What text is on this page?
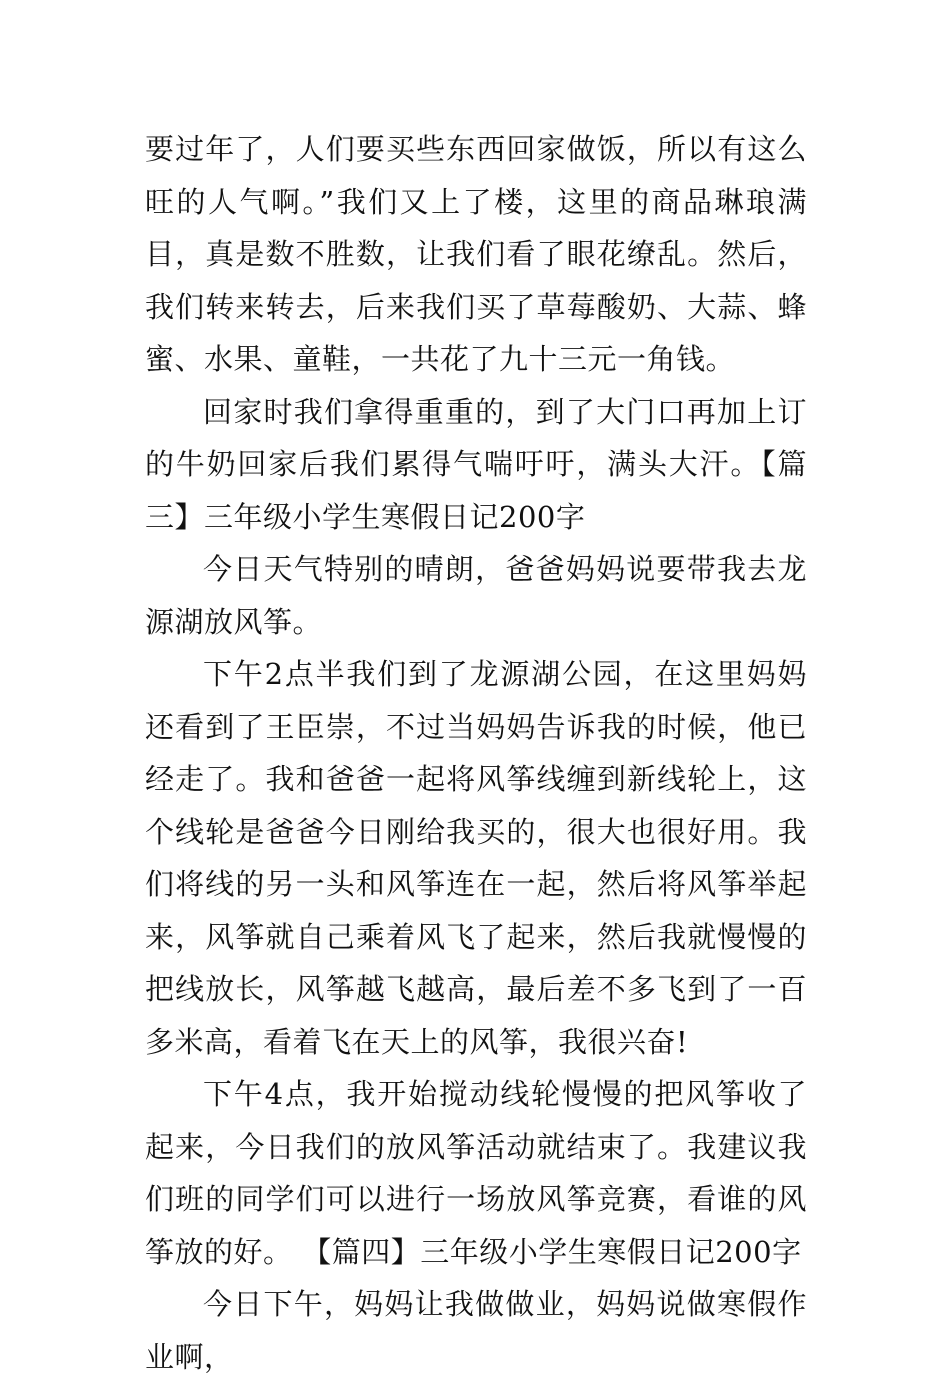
要过年了，人们要买些东西回家做饭，所以有这么旺的人气啊。”我们又上了楼，这里的商品琳琅满目，真是数不胜数，让我们看了眼花缭乱。然后，我们转来转去，后来我们买了草莓酸奶、大蒜、蜂蜜、水果、童鞋，一共花了九十三元一角钱。

回家时我们拿得重重的，到了大门口再加上订的牛奶回家后我们累得气喘吁吁，满头大汗。【篇三】三年级小学生寒假日记200字

今日天气特别的晴朗，爸爸妈妈说要带我去龙源湖放风筝。

下午2点半我们到了龙源湖公园，在这里妈妈还看到了王臣崇，不过当妈妈告诉我的时候，他已经走了。我和爸爸一起将风筝线缠到新线轮上，这个线轮是爸爸今日刚给我买的，很大也很好用。我们将线的另一头和风筝连在一起，然后将风筝举起来，风筝就自己乘着风飞了起来，然后我就慢慢的把线放长，风筝越飞越高，最后差不多飞到了一百多米高，看着飞在天上的风筝，我很兴奋!

下午4点，我开始搅动线轮慢慢的把风筝收了起来，今日我们的放风筝活动就结束了。我建议我们班的同学们可以进行一场放风筝竞赛，看谁的风筝放的好。 【篇四】三年级小学生寒假日记200字

今日下午，妈妈让我做做业，妈妈说做寒假作业啊，
